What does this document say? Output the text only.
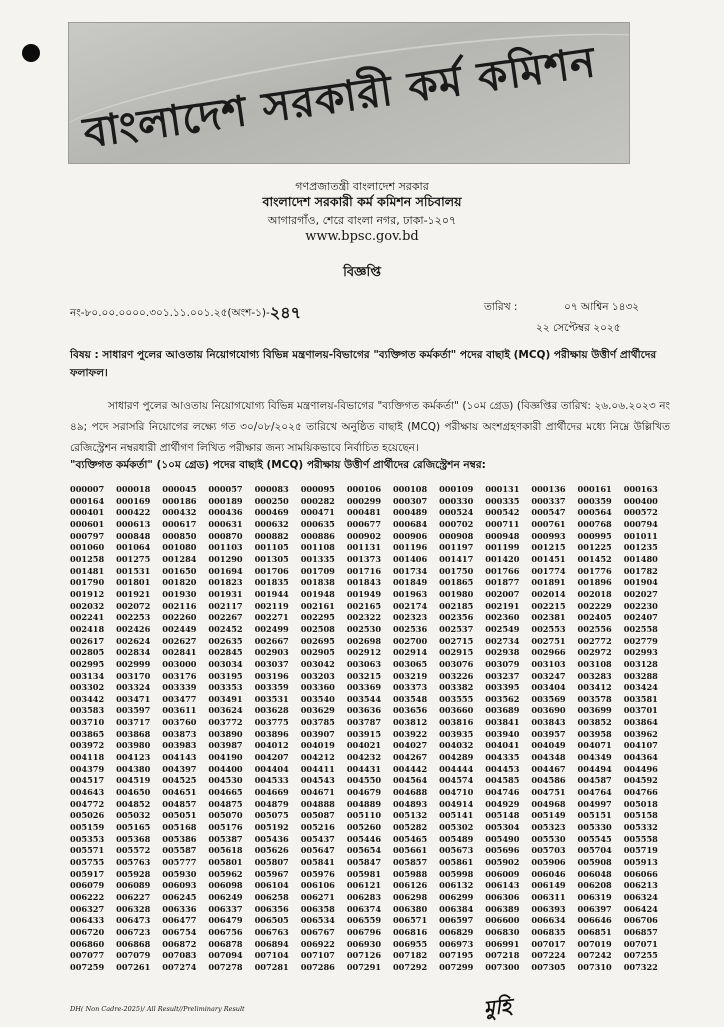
বাংলাদেশ সরকারী কর্ম কমিশন
গণপ্রজাতন্ত্রী বাংলাদেশ সরকার
বাংলাদেশ সরকারী কর্ম কমিশন সচিবালয়
আগারগাঁও, শেরে বাংলা নগর, ঢাকা-১২০৭
www.bpsc.gov.bd
বিজ্ঞপ্তি
নং-৮০.০০.০০০০.৩০১.১১.০০১.২৫(অংশ-১)-২৪৭	তারিখ :	০৭ আশ্বিন ১৪৩২
২২ সেপ্টেম্বর ২০২৫
বিষয় : সাধারণ পুলের আওতায় নিয়োগযোগ্য বিভিন্ন মন্ত্রণালয়-বিভাগের "ব্যক্তিগত কর্মকর্তা" পদের বাছাই (MCQ) পরীক্ষায় উত্তীর্ণ প্রার্থীদের ফলাফল।
সাধারণ পুলের আওতায় নিয়োগযোগ্য বিভিন্ন মন্ত্রণালয়-বিভাগের "ব্যক্তিগত কর্মকর্তা" (১০ম গ্রেড) (বিজ্ঞপ্তির তারিখ: ২৬.০৬.২০২৩ নং ৪৯; পদে সরাসরি নিয়োগের লক্ষ্যে গত ৩০/০৮/২০২৫ তারিখে অনুষ্ঠিত বাছাই (MCQ) পরীক্ষায় অংশগ্রহণকারী প্রার্থীদের মধ্যে নিম্নে উল্লিখিত রেজিস্ট্রেশন নম্বরধারী প্রার্থীগণ লিখিত পরীক্ষার জন্য সাময়িকভাবে নির্বাচিত হয়েছেন।
"ব্যক্তিগত কর্মকর্তা" (১০ম গ্রেড) পদের বাছাই (MCQ) পরীক্ষায় উত্তীর্ণ প্রার্থীদের রেজিস্ট্রেশন নম্বর:
000007	000018	000045	000057	000083	000095	000106	000108	000109	000131	000136	000161	000163
000164	000169	000186	000189	000250	000282	000299	000307	000330	000335	000337	000359	000400
000401	000422	000432	000436	000469	000471	000481	000489	000524	000542	000547	000564	000572
000601	000613	000617	000631	000632	000635	000677	000684	000702	000711	000761	000768	000794
000797	000848	000850	000870	000882	000886	000902	000906	000908	000948	000993	000995	001011
001060	001064	001080	001103	001105	001108	001131	001196	001197	001199	001215	001225	001235
001258	001275	001284	001290	001305	001335	001373	001406	001417	001420	001451	001452	001480
001481	001531	001650	001694	001706	001709	001716	001734	001750	001766	001774	001776	001782
001790	001801	001820	001823	001835	001838	001843	001849	001865	001877	001891	001896	001904
001912	001921	001930	001931	001944	001948	001949	001963	001980	002007	002014	002018	002027
002032	002072	002116	002117	002119	002161	002165	002174	002185	002191	002215	002229	002230
002241	002253	002260	002267	002271	002295	002322	002323	002356	002360	002381	002405	002407
002418	002426	002449	002452	002499	002508	002530	002536	002537	002549	002553	002556	002558
002617	002624	002627	002635	002667	002695	002698	002700	002715	002734	002751	002772	002779
002805	002834	002841	002845	002903	002905	002912	002914	002915	002938	002966	002972	002993
002995	002999	003000	003034	003037	003042	003063	003065	003076	003079	003103	003108	003128
003134	003170	003176	003195	003196	003203	003215	003219	003226	003237	003247	003283	003288
003302	003324	003339	003353	003359	003360	003369	003373	003382	003395	003404	003412	003424
003442	003471	003477	003491	003531	003540	003544	003548	003555	003562	003569	003578	003581
003583	003597	003611	003624	003628	003629	003636	003656	003660	003689	003690	003699	003701
003710	003717	003760	003772	003775	003785	003787	003812	003816	003841	003843	003852	003864
003865	003868	003873	003890	003896	003907	003915	003922	003935	003940	003957	003958	003962
003972	003980	003983	003987	004012	004019	004021	004027	004032	004041	004049	004071	004107
004118	004123	004143	004190	004207	004212	004232	004267	004289	004335	004348	004349	004364
004379	004380	004397	004400	004404	004411	004431	004442	004444	004453	004467	004494	004496
004517	004519	004525	004530	004533	004543	004550	004564	004574	004585	004586	004587	004592
004643	004650	004651	004665	004669	004671	004679	004688	004710	004746	004751	004764	004766
004772	004852	004857	004875	004879	004888	004889	004893	004914	004929	004968	004997	005018
005026	005032	005051	005070	005075	005087	005110	005132	005141	005148	005149	005151	005158
005159	005165	005168	005176	005192	005216	005260	005282	005302	005304	005323	005330	005332
005353	005368	005386	005387	005436	005437	005446	005465	005489	005490	005530	005545	005558
005571	005572	005587	005618	005626	005647	005654	005661	005673	005696	005703	005704	005719
005755	005763	005777	005801	005807	005841	005847	005857	005861	005902	005906	005908	005913
005917	005928	005930	005962	005967	005976	005981	005988	005998	006009	006046	006048	006066
006079	006089	006093	006098	006104	006106	006121	006126	006132	006143	006149	006208	006213
006222	006227	006245	006249	006258	006271	006283	006298	006299	006306	006311	006319	006324
006327	006328	006336	006337	006356	006358	006374	006380	006384	006389	006393	006397	006424
006433	006473	006477	006479	006505	006534	006559	006571	006597	006600	006634	006646	006706
006720	006723	006754	006756	006763	006767	006796	006816	006829	006830	006835	006851	006857
006860	006868	006872	006878	006894	006922	006930	006955	006973	006991	007017	007019	007071
007077	007079	007083	007094	007104	007107	007126	007182	007195	007218	007224	007242	007255
007259	007261	007274	007278	007281	007286	007291	007292	007299	007300	007305	007310	007322
মুহি
DH( Non Cadre-2025)/ All Result//Preliminary Result
